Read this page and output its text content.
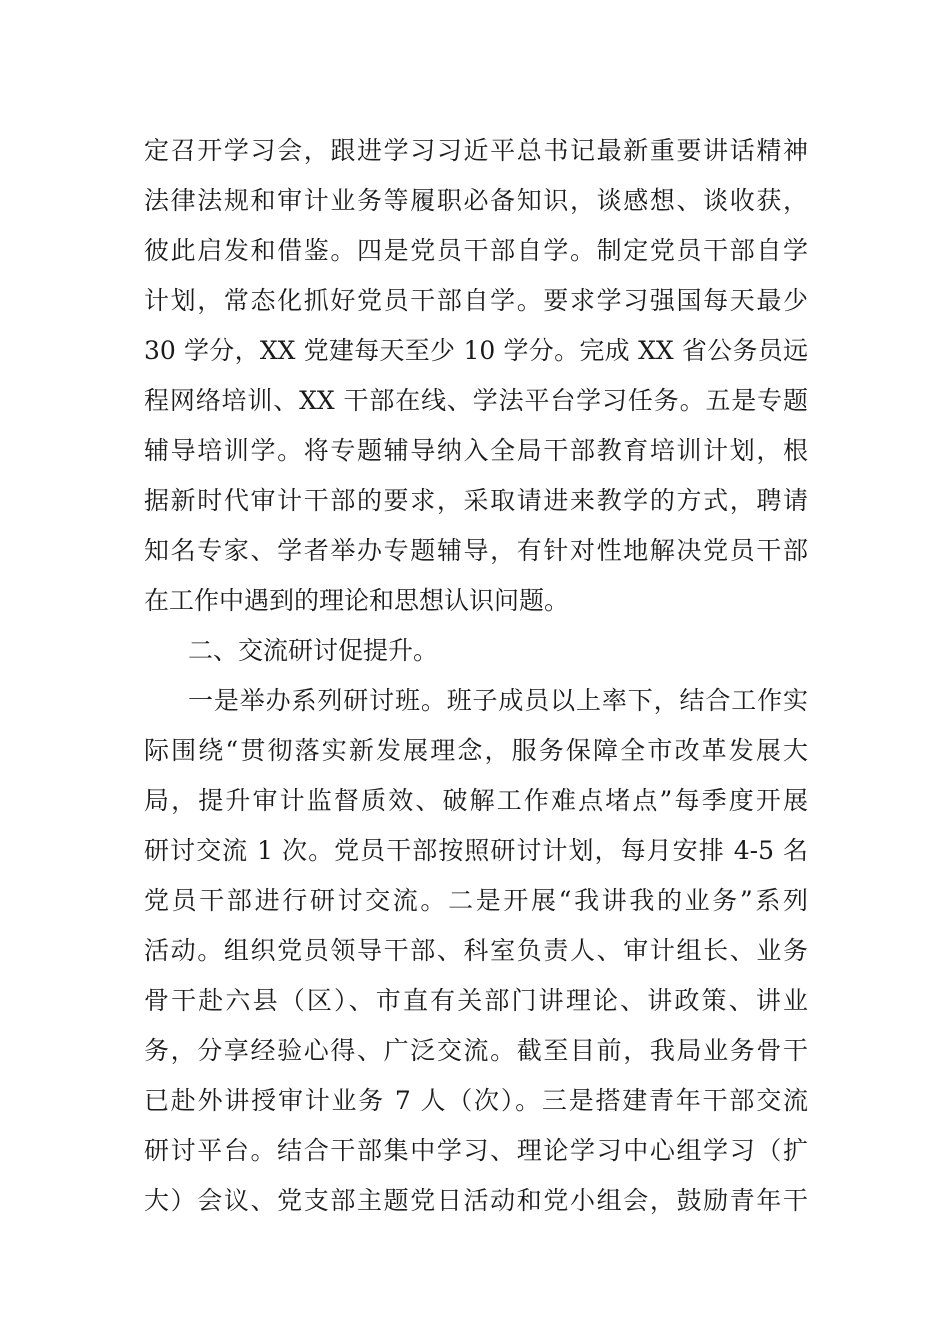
定召开学习会，跟进学习习近平总书记最新重要讲话精神
法律法规和审计业务等履职必备知识，谈感想、谈收获，
彼此启发和借鉴。四是党员干部自学。制定党员干部自学
计划，常态化抓好党员干部自学。要求学习强国每天最少
30 学分，XX 党建每天至少 10 学分。完成 XX 省公务员远
程网络培训、XX 干部在线、学法平台学习任务。五是专题
辅导培训学。将专题辅导纳入全局干部教育培训计划，根
据新时代审计干部的要求，采取请进来教学的方式，聘请
知名专家、学者举办专题辅导，有针对性地解决党员干部
在工作中遇到的理论和思想认识问题。
二、交流研讨促提升。
一是举办系列研讨班。班子成员以上率下，结合工作实
际围绕“贯彻落实新发展理念，服务保障全市改革发展大
局，提升审计监督质效、破解工作难点堵点”每季度开展
研讨交流 1 次。党员干部按照研讨计划，每月安排 4-5 名
党员干部进行研讨交流。二是开展“我讲我的业务”系列
活动。组织党员领导干部、科室负责人、审计组长、业务
骨干赴六县（区）、市直有关部门讲理论、讲政策、讲业
务，分享经验心得、广泛交流。截至目前，我局业务骨干
已赴外讲授审计业务 7 人（次）。三是搭建青年干部交流
研讨平台。结合干部集中学习、理论学习中心组学习（扩
大）会议、党支部主题党日活动和党小组会，鼓励青年干
